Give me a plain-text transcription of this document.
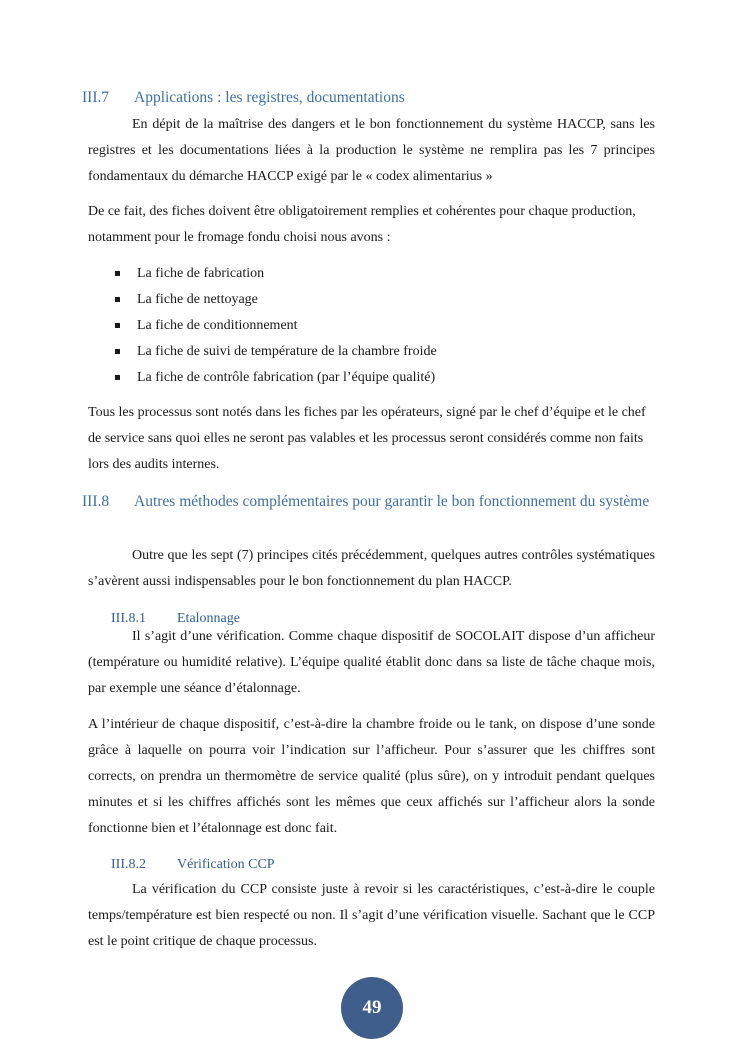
III.7 Applications : les registres, documentations

En dépit de la maîtrise des dangers et le bon fonctionnement du système HACCP, sans les registres et les documentations liées à la production le système ne remplira pas les 7 principes fondamentaux du démarche HACCP exigé par le « codex alimentarius »

De ce fait, des fiches doivent être obligatoirement remplies et cohérentes pour chaque production, notamment pour le fromage fondu choisi nous avons :

La fiche de fabrication
La fiche de nettoyage
La fiche de conditionnement
La fiche de suivi de température de la chambre froide
La fiche de contrôle fabrication (par l’équipe qualité)

Tous les processus sont notés dans les fiches par les opérateurs, signé par le chef d’équipe et le chef de service sans quoi elles ne seront pas valables et les processus seront considérés comme non faits lors des audits internes.

III.8 Autres méthodes complémentaires pour garantir le bon fonctionnement du système

Outre que les sept (7) principes cités précédemment, quelques autres contrôles systématiques s’avèrent aussi indispensables pour le bon fonctionnement du plan HACCP.

III.8.1 Etalonnage

Il s’agit d’une vérification. Comme chaque dispositif de SOCOLAIT dispose d’un afficheur (température ou humidité relative). L’équipe qualité établit donc dans sa liste de tâche chaque mois, par exemple une séance d’étalonnage.

A l’intérieur de chaque dispositif, c’est-à-dire la chambre froide ou le tank, on dispose d’une sonde grâce à laquelle on pourra voir l’indication sur l’afficheur. Pour s’assurer que les chiffres sont corrects, on prendra un thermomètre de service qualité (plus sûre), on y introduit pendant quelques minutes et si les chiffres affichés sont les mêmes que ceux affichés sur l’afficheur alors la sonde fonctionne bien et l’étalonnage est donc fait.

III.8.2 Vérification CCP

La vérification du CCP consiste juste à revoir si les caractéristiques, c’est-à-dire le couple temps/température est bien respecté ou non. Il s’agit d’une vérification visuelle. Sachant que le CCP est le point critique de chaque processus.

49
